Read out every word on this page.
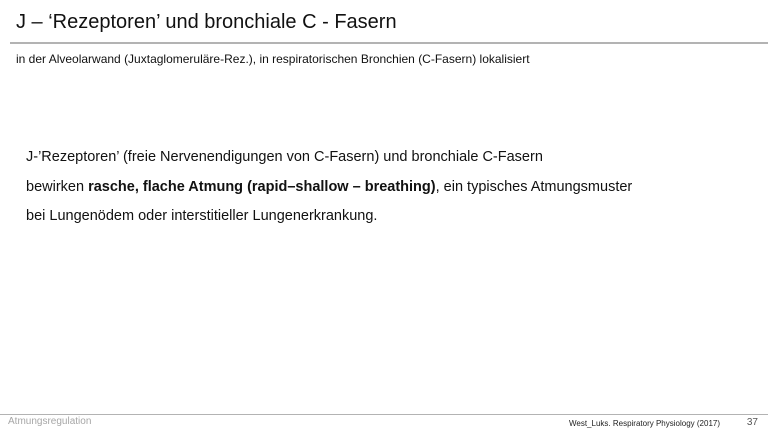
J – ‘Rezeptoren’ und bronchiale C - Fasern
in der Alveolarwand (Juxtaglomeruläre-Rez.), in respiratorischen Bronchien (C-Fasern) lokalisiert
J-’Rezeptoren’ (freie Nervenendigungen von C-Fasern) und bronchiale C-Fasern
bewirken rasche, flache Atmung (rapid–shallow – breathing), ein typisches Atmungsmuster
bei Lungenödem oder interstitieller Lungenerkrankung.
Atmungsregulation	West_Luks. Respiratory Physiology (2017)	37
